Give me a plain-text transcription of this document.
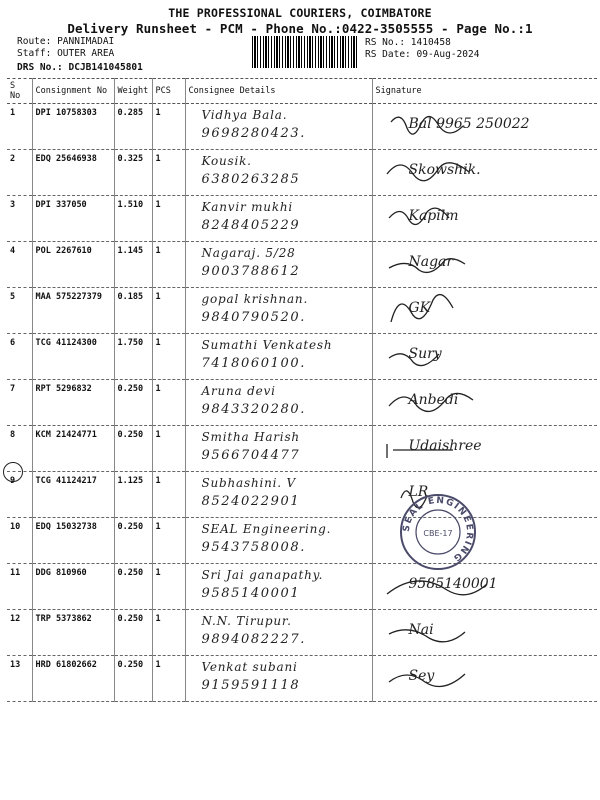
THE PROFESSIONAL COURIERS, COIMBATORE
Delivery Runsheet - PCM - Phone No.:0422-3505555 - Page No.:1
Route: PANNIMADAI
Staff: OUTER AREA
DRS No.: DCJB141045801
RS No.: 1410458
RS Date: 09-Aug-2024
S No	Consignment No	Weight	PCS	Consignee Details	Signature
1	DPI 10758303	0.285	1	Vidhya Bala.
9698280423.	Bal 9965 250022

2	EDQ 25646938	0.325	1	Kousik.
6380263285	Skowshik.

3	DPI 337050	1.510	1	Kanvir mukhi
8248405229	Kapilm

4	POL 2267610	1.145	1	Nagaraj. 5/28
9003788612	Nagar

5	MAA 575227379	0.185	1	gopal krishnan.
9840790520.	GK

6	TCG 41124300	1.750	1	Sumathi Venkatesh
7418060100.	Sury

7	RPT 5296832	0.250	1	Aruna devi
9843320280.	Anbedi

8	KCM 21424771	0.250	1	Smitha Harish
9566704477	Udaishree

9	TCG 41124217	1.125	1	Subhashini. V
8524022901	LR

10	EDQ 15032738	0.250	1	SEAL Engineering.
9543758008.	

11	DDG 810960	0.250	1	Sri Jai ganapathy.
9585140001	9585140001

12	TRP 5373862	0.250	1	N.N. Tirupur.
9894082227.	Nai

13	HRD 61802662	0.250	1	Venkat subani
9159591118	Sey
SEAL ENGINEERING
CBE-17
